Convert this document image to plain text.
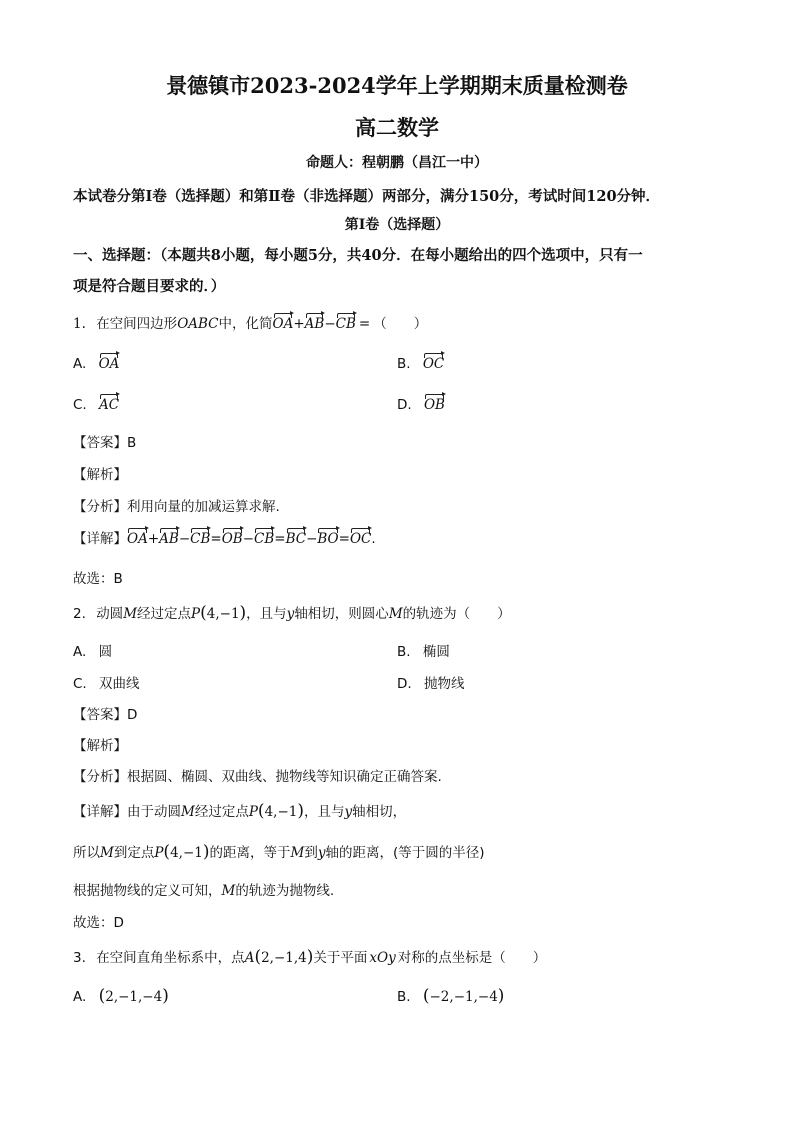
景德镇市2023-2024学年上学期期末质量检测卷
高二数学
命题人：程朝鹏（昌江一中）
本试卷分第Ⅰ卷（选择题）和第Ⅱ卷（非选择题）两部分，满分150分，考试时间120分钟．
第Ⅰ卷（选择题）
一、选择题：（本题共8小题，每小题5分，共40分．在每小题给出的四个选项中，只有一
项是符合题目要求的．）
1. 在空间四边形OABC中，化简OA+AB−CB = （　　）
A. OA	B. OC
C. AC	D. OB
【答案】B
【解析】
【分析】利用向量的加减运算求解.
【详解】OA+AB−CB=OB−CB=BC−BO=OC.
故选：B
2. 动圆M经过定点P(4,−1)，且与y轴相切，则圆心M的轨迹为（　　）
A. 圆	B. 椭圆
C. 双曲线	D. 抛物线
【答案】D
【解析】
【分析】根据圆、椭圆、双曲线、抛物线等知识确定正确答案.
【详解】由于动圆M经过定点P(4,−1)，且与y轴相切，
所以M到定点P(4,−1)的距离，等于M到y轴的距离，(等于圆的半径)
根据抛物线的定义可知，M的轨迹为抛物线.
故选：D
3. 在空间直角坐标系中，点A(2,−1,4)关于平面 xOy 对称的点坐标是（　　）
A. (2,−1,−4)	B. (−2,−1,−4)
